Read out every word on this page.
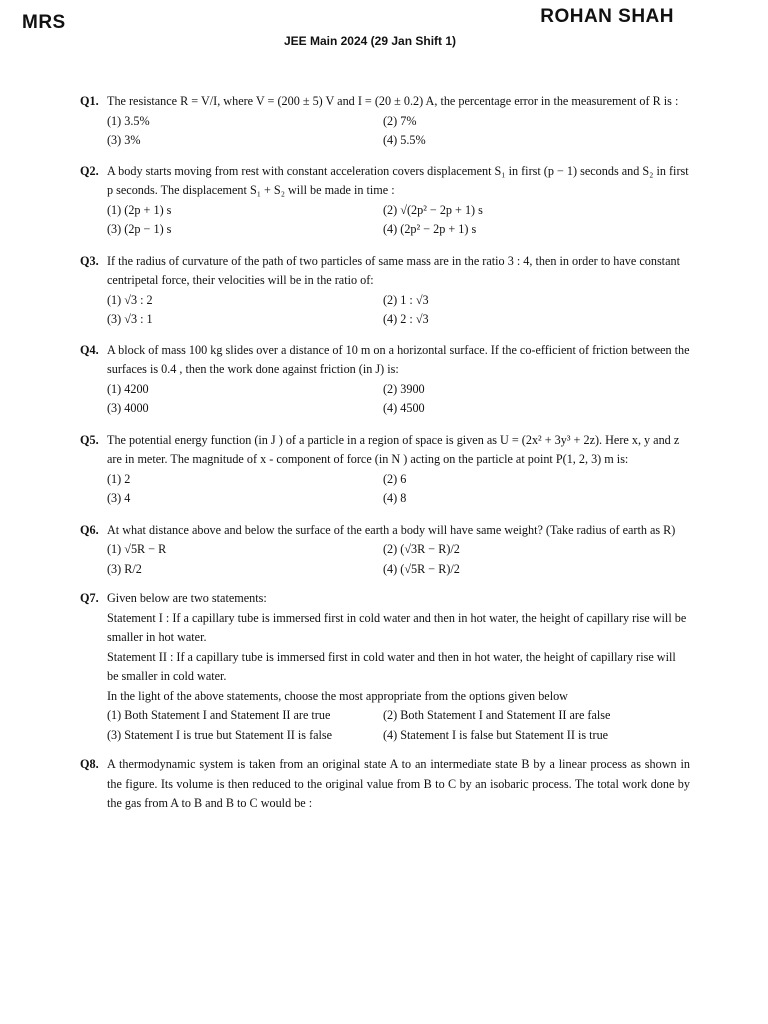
MRS	ROHAN SHAH
JEE Main 2024 (29 Jan Shift 1)
Q1. The resistance R = V/I, where V = (200 ± 5) V and I = (20 ± 0.2) A, the percentage error in the measurement of R is :

(1) 3.5%	(2) 7%
(3) 3%	(4) 5.5%
Q2. A body starts moving from rest with constant acceleration covers displacement S₁ in first (p − 1) seconds and S₂ in first p seconds. The displacement S₁ + S₂ will be made in time :

(1) (2p + 1) s	(2) √(2p² − 2p + 1) s
(3) (2p − 1) s	(4) (2p² − 2p + 1) s
Q3. If the radius of curvature of the path of two particles of same mass are in the ratio 3 : 4, then in order to have constant centripetal force, their velocities will be in the ratio of:

(1) √3 : 2	(2) 1 : √3
(3) √3 : 1	(4) 2 : √3
Q4. A block of mass 100 kg slides over a distance of 10 m on a horizontal surface. If the co-efficient of friction between the surfaces is 0.4 , then the work done against friction (in J) is:

(1) 4200	(2) 3900
(3) 4000	(4) 4500
Q5. The potential energy function (in J ) of a particle in a region of space is given as U = (2x² + 3y³ + 2z). Here x, y and z are in meter. The magnitude of x - component of force (in N ) acting on the particle at point P(1, 2, 3) m is:

(1) 2	(2) 6
(3) 4	(4) 8
Q6. At what distance above and below the surface of the earth a body will have same weight? (Take radius of earth as R)

(1) √5R − R	(2) (√3R − R)/2
(3) R/2	(4) (√5R − R)/2
Q7. Given below are two statements:

Statement I : If a capillary tube is immersed first in cold water and then in hot water, the height of capillary rise will be smaller in hot water.

Statement II : If a capillary tube is immersed first in cold water and then in hot water, the height of capillary rise will be smaller in cold water.

In the light of the above statements, choose the most appropriate from the options given below

(1) Both Statement I and Statement II are true	(2) Both Statement I and Statement II are false
(3) Statement I is true but Statement II is false	(4) Statement I is false but Statement II is true
Q8. A thermodynamic system is taken from an original state A to an intermediate state B by a linear process as shown in the figure. Its volume is then reduced to the original value from B to C by an isobaric process. The total work done by the gas from A to B and B to C would be :
